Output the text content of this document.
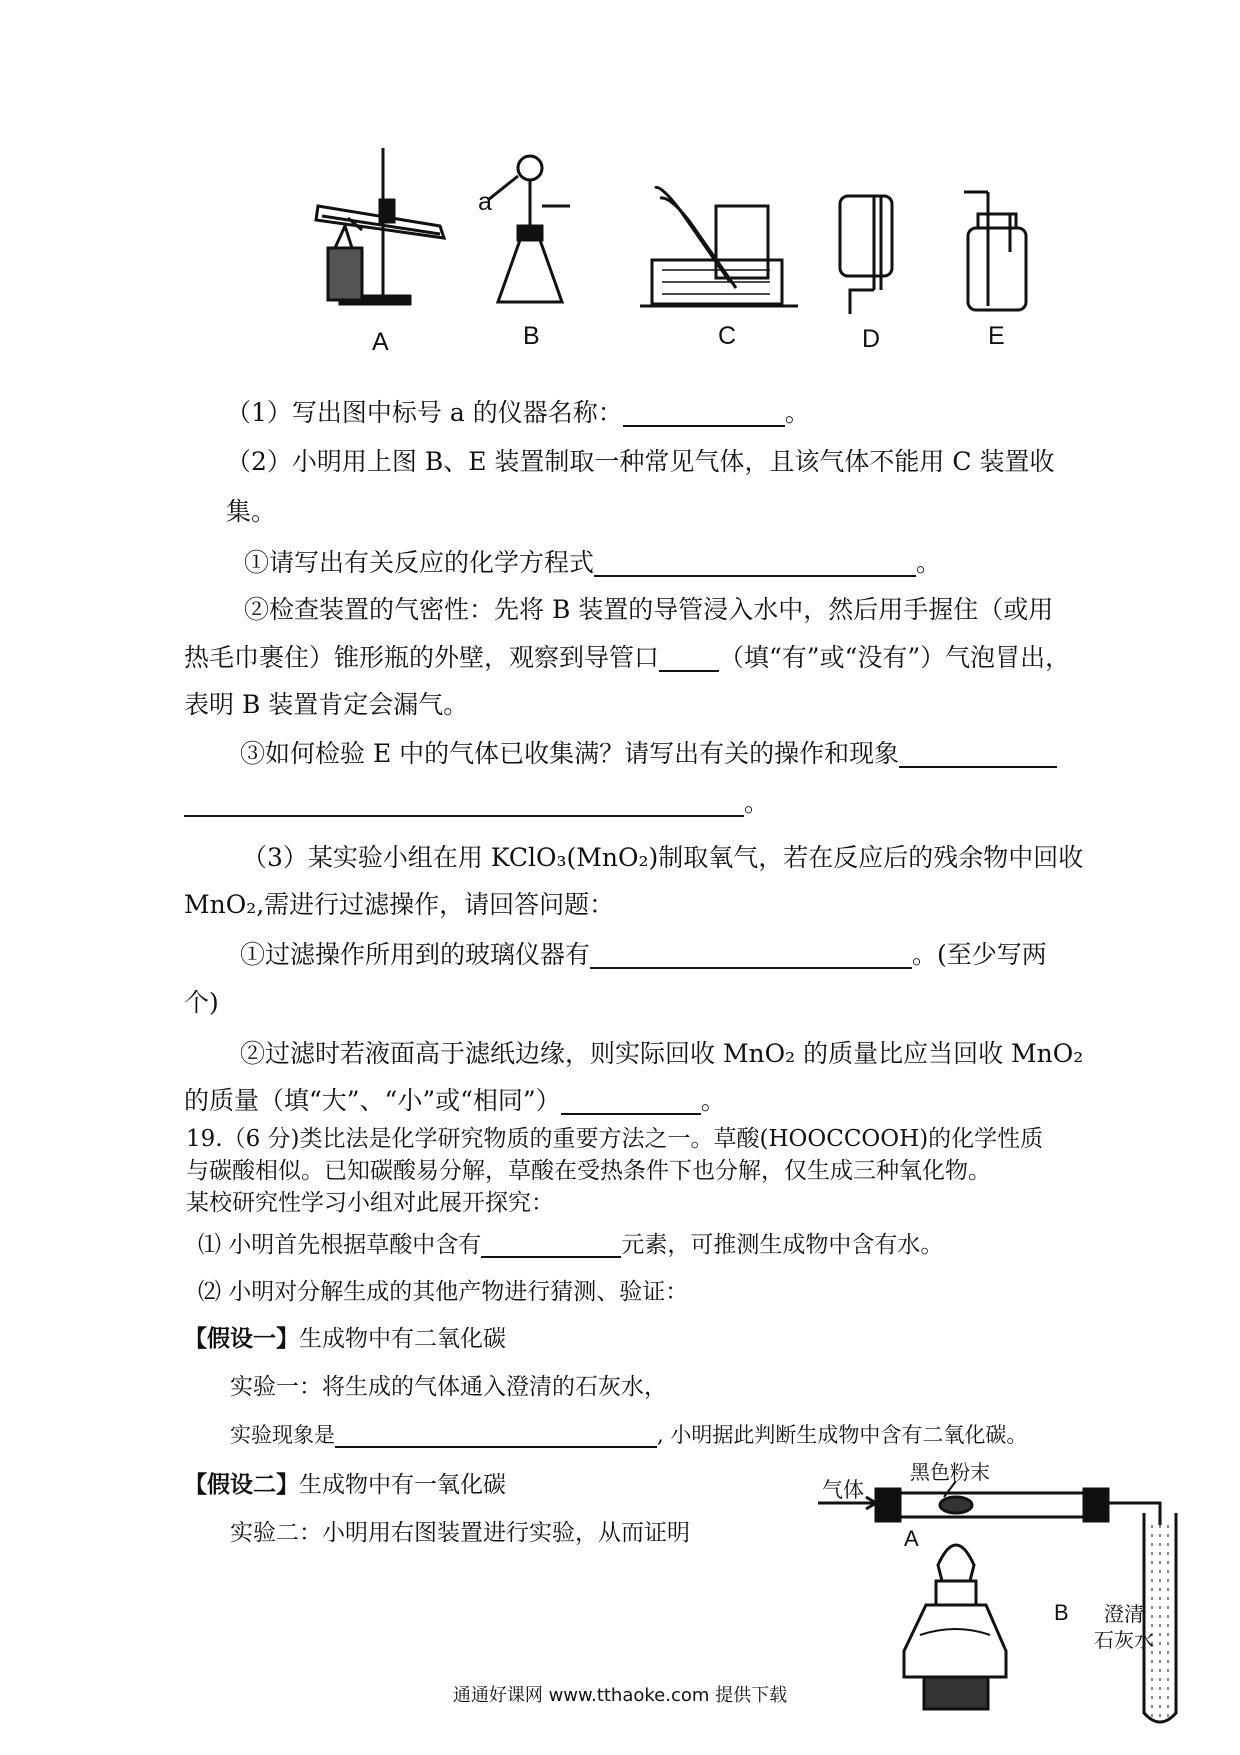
a
A	B	C	D	E
（1）写出图中标号 a 的仪器名称：	。
（2）小明用上图 B、E 装置制取一种常见气体，且该气体不能用 C 装置收
集。
①请写出有关反应的化学方程式	。
②检查装置的气密性：先将 B 装置的导管浸入水中，然后用手握住（或用
热毛巾裹住）锥形瓶的外壁，观察到导管口 （填“有”或“没有”）气泡冒出，
表明 B 装置肯定会漏气。
③如何检验 E 中的气体已收集满？请写出有关的操作和现象
。
（3）某实验小组在用 KClO₃(MnO₂)制取氧气，若在反应后的残余物中回收
MnO₂,需进行过滤操作，请回答问题：
①过滤操作所用到的玻璃仪器有	。(至少写两
个)
②过滤时若液面高于滤纸边缘，则实际回收 MnO₂ 的质量比应当回收 MnO₂
的质量（填“大”、“小”或“相同”）	。
19.（6 分)类比法是化学研究物质的重要方法之一。草酸(HOOCCOOH)的化学性质
与碳酸相似。已知碳酸易分解，草酸在受热条件下也分解，仅生成三种氧化物。
某校研究性学习小组对此展开探究：
⑴ 小明首先根据草酸中含有	元素，可推测生成物中含有水。
⑵ 小明对分解生成的其他产物进行猜测、验证：
【假设一】生成物中有二氧化碳
实验一：将生成的气体通入澄清的石灰水，
实验现象是	, 小明据此判断生成物中含有二氧化碳。
【假设二】生成物中有一氧化碳
实验二：小明用右图装置进行实验，从而证明
气体
黑色粉末
A
B 澄清
石灰水
通通好课网 www.tthaoke.com 提供下载
